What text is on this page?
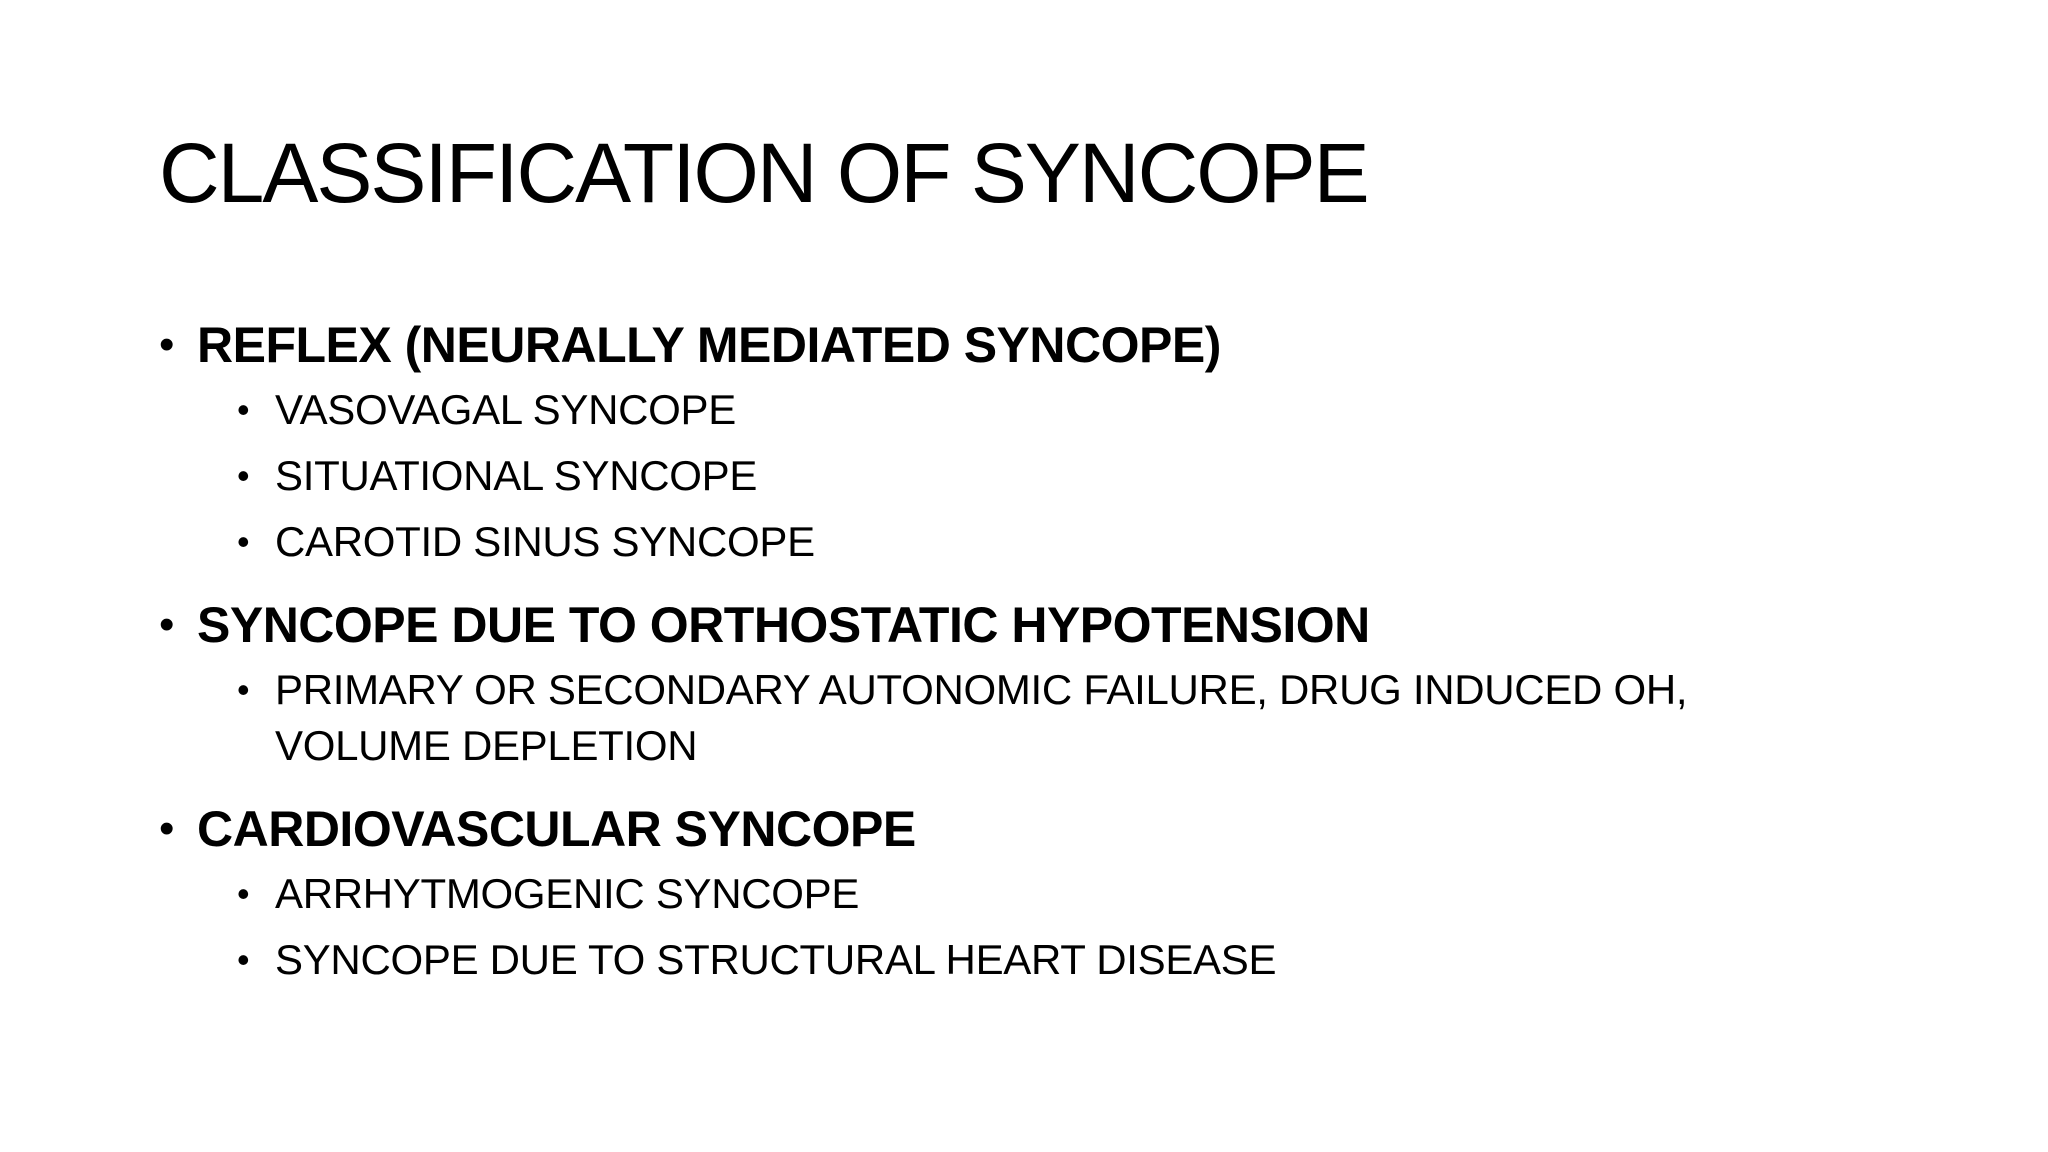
CLASSIFICATION OF SYNCOPE
• REFLEX (NEURALLY MEDIATED SYNCOPE)
• VASOVAGAL SYNCOPE
• SITUATIONAL SYNCOPE
• CAROTID SINUS SYNCOPE
• SYNCOPE DUE TO ORTHOSTATIC HYPOTENSION
• PRIMARY OR SECONDARY AUTONOMIC FAILURE, DRUG INDUCED OH, VOLUME DEPLETION
• CARDIOVASCULAR SYNCOPE
• ARRHYTMOGENIC SYNCOPE
• SYNCOPE DUE TO STRUCTURAL HEART DISEASE
